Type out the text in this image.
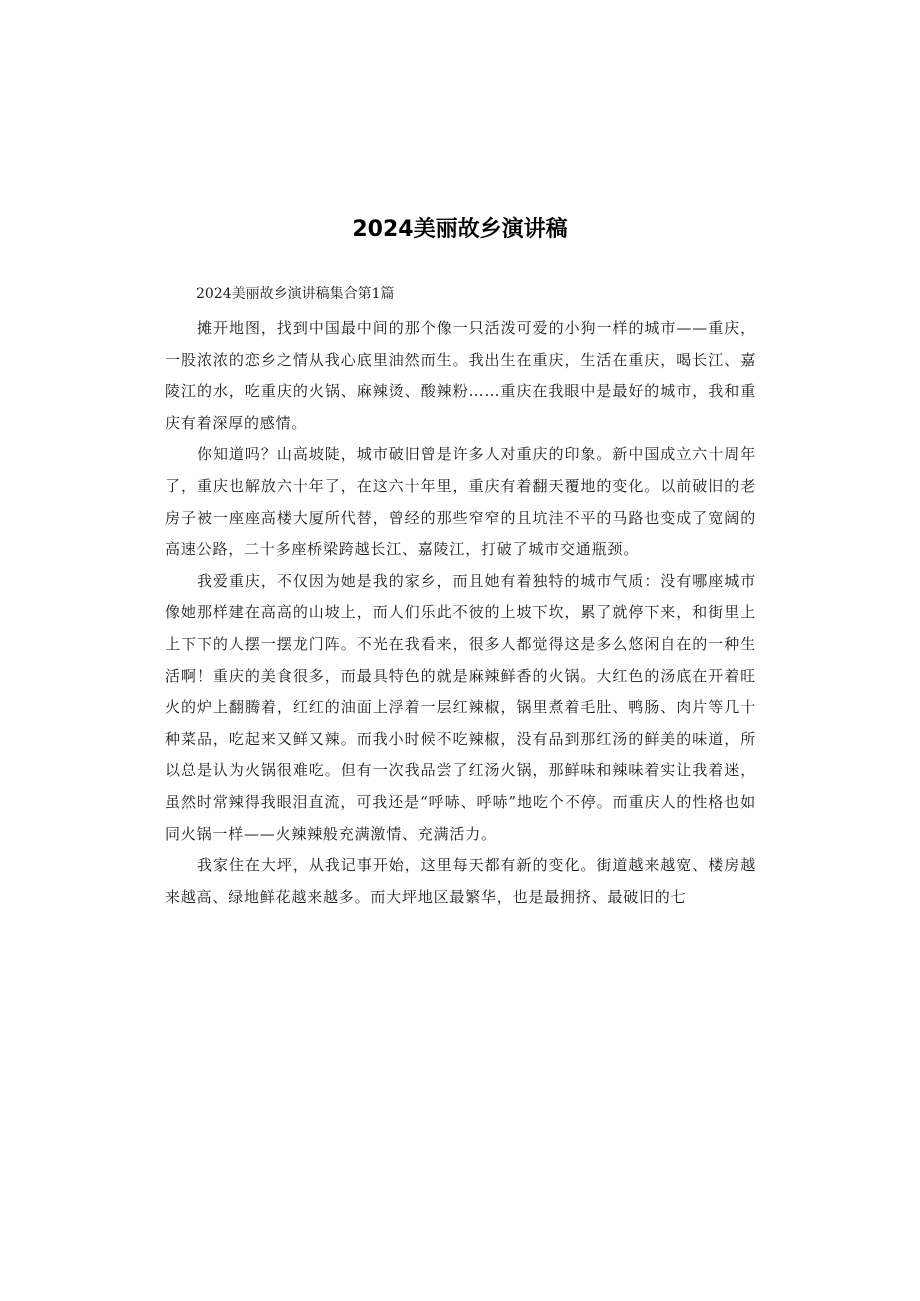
2024美丽故乡演讲稿

2024美丽故乡演讲稿集合第1篇

摊开地图，找到中国最中间的那个像一只活泼可爱的小狗一样的城市——重庆，一股浓浓的恋乡之情从我心底里油然而生。我出生在重庆，生活在重庆，喝长江、嘉陵江的水，吃重庆的火锅、麻辣烫、酸辣粉……重庆在我眼中是最好的城市，我和重庆有着深厚的感情。

你知道吗？山高坡陡，城市破旧曾是许多人对重庆的印象。新中国成立六十周年了，重庆也解放六十年了，在这六十年里，重庆有着翻天覆地的变化。以前破旧的老房子被一座座高楼大厦所代替，曾经的那些窄窄的且坑洼不平的马路也变成了宽阔的高速公路，二十多座桥梁跨越长江、嘉陵江，打破了城市交通瓶颈。

我爱重庆，不仅因为她是我的家乡，而且她有着独特的城市气质：没有哪座城市像她那样建在高高的山坡上，而人们乐此不彼的上坡下坎，累了就停下来，和街里上上下下的人摆一摆龙门阵。不光在我看来，很多人都觉得这是多么悠闲自在的一种生活啊！重庆的美食很多，而最具特色的就是麻辣鲜香的火锅。大红色的汤底在开着旺火的炉上翻腾着，红红的油面上浮着一层红辣椒，锅里煮着毛肚、鸭肠、肉片等几十种菜品，吃起来又鲜又辣。而我小时候不吃辣椒，没有品到那红汤的鲜美的味道，所以总是认为火锅很难吃。但有一次我品尝了红汤火锅，那鲜味和辣味着实让我着迷，虽然时常辣得我眼泪直流，可我还是“呼哧、呼哧”地吃个不停。而重庆人的性格也如同火锅一样——火辣辣般充满激情、充满活力。

我家住在大坪，从我记事开始，这里每天都有新的变化。街道越来越宽、楼房越来越高、绿地鲜花越来越多。而大坪地区最繁华，也是最拥挤、最破旧的七
